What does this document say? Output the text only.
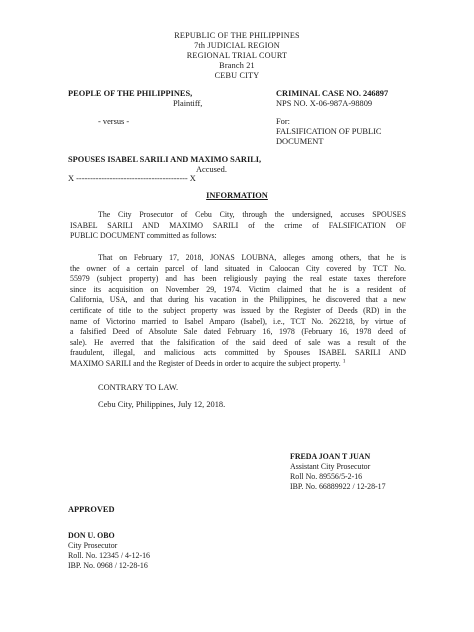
REPUBLIC OF THE PHILIPPINES
7th JUDICIAL REGION
REGIONAL TRIAL COURT
Branch 21
CEBU CITY
PEOPLE OF THE PHILIPPINES,
Plaintiff,
CRIMINAL CASE NO. 246897
NPS NO. X-06-987A-98809
- versus -	For:
FALSIFICATION OF PUBLIC
DOCUMENT
SPOUSES ISABEL SARILI AND MAXIMO SARILI,
Accused.
X ---------------------------------------- X
INFORMATION
The City Prosecutor of Cebu City, through the undersigned, accuses SPOUSES
ISABEL SARILI AND MAXIMO SARILI of the crime of FALSIFICATION OF
PUBLIC DOCUMENT committed as follows:
That on February 17, 2018, JONAS LOUBNA, alleges among others, that he is
the owner of a certain parcel of land situated in Caloocan City covered by TCT No.
55979 (subject property) and has been religiously paying the real estate taxes therefore
since its acquisition on November 29, 1974. Victim claimed that he is a resident of
California, USA, and that during his vacation in the Philippines, he discovered that a new
certificate of title to the subject property was issued by the Register of Deeds (RD) in the
name of Victorino married to Isabel Amparo (Isabel), i.e., TCT No. 262218, by virtue of
a falsified Deed of Absolute Sale dated February 16, 1978 (February 16, 1978 deed of
sale). He averred that the falsification of the said deed of sale was a result of the
fraudulent, illegal, and malicious acts committed by Spouses ISABEL SARILI AND
MAXIMO SARILI and the Register of Deeds in order to acquire the subject property. $^1$
CONTRARY TO LAW.
Cebu City, Philippines, July 12, 2018.
FREDA JOAN T JUAN
Assistant City Prosecutor
Roll No. 89556/5-2-16
IBP. No. 66889922 / 12-28-17
APPROVED
DON U. OBO
City Prosecutor
Roll. No. 12345 / 4-12-16
IBP. No. 0968 / 12-28-16
